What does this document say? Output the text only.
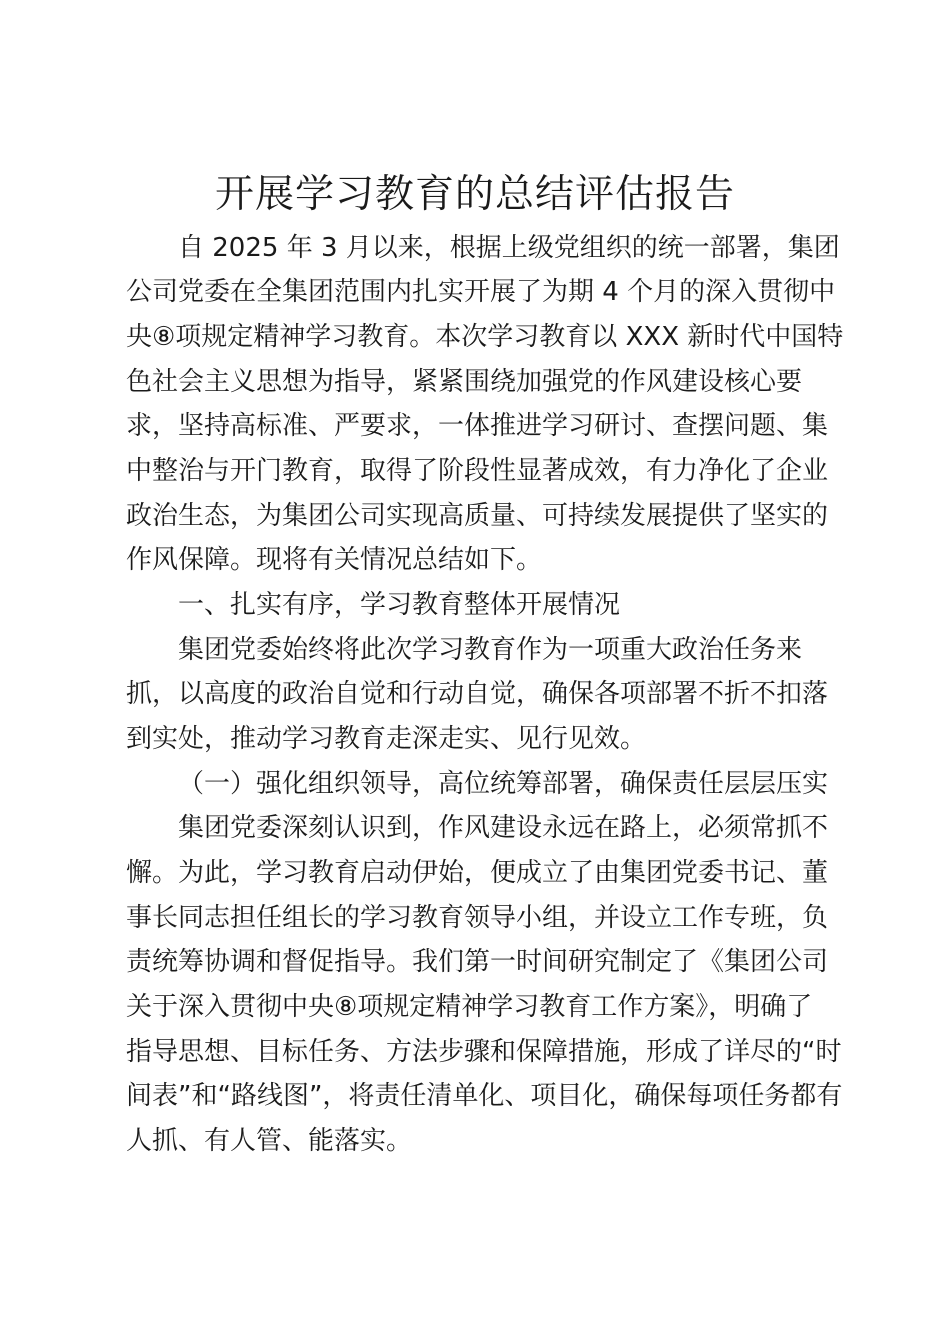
开展学习教育的总结评估报告
自 2025 年 3 月以来，根据上级党组织的统一部署，集团
公司党委在全集团范围内扎实开展了为期 4 个月的深入贯彻中
央⑧项规定精神学习教育。本次学习教育以 XXX 新时代中国特
色社会主义思想为指导，紧紧围绕加强党的作风建设核心要
求，坚持高标准、严要求，一体推进学习研讨、查摆问题、集
中整治与开门教育，取得了阶段性显著成效，有力净化了企业
政治生态，为集团公司实现高质量、可持续发展提供了坚实的
作风保障。现将有关情况总结如下。
一、扎实有序，学习教育整体开展情况
集团党委始终将此次学习教育作为一项重大政治任务来
抓，以高度的政治自觉和行动自觉，确保各项部署不折不扣落
到实处，推动学习教育走深走实、见行见效。
（一）强化组织领导，高位统筹部署，确保责任层层压实
集团党委深刻认识到，作风建设永远在路上，必须常抓不
懈。为此，学习教育启动伊始，便成立了由集团党委书记、董
事长同志担任组长的学习教育领导小组，并设立工作专班，负
责统筹协调和督促指导。我们第一时间研究制定了《集团公司
关于深入贯彻中央⑧项规定精神学习教育工作方案》，明确了
指导思想、目标任务、方法步骤和保障措施，形成了详尽的“时
间表”和“路线图”，将责任清单化、项目化，确保每项任务都有
人抓、有人管、能落实。
